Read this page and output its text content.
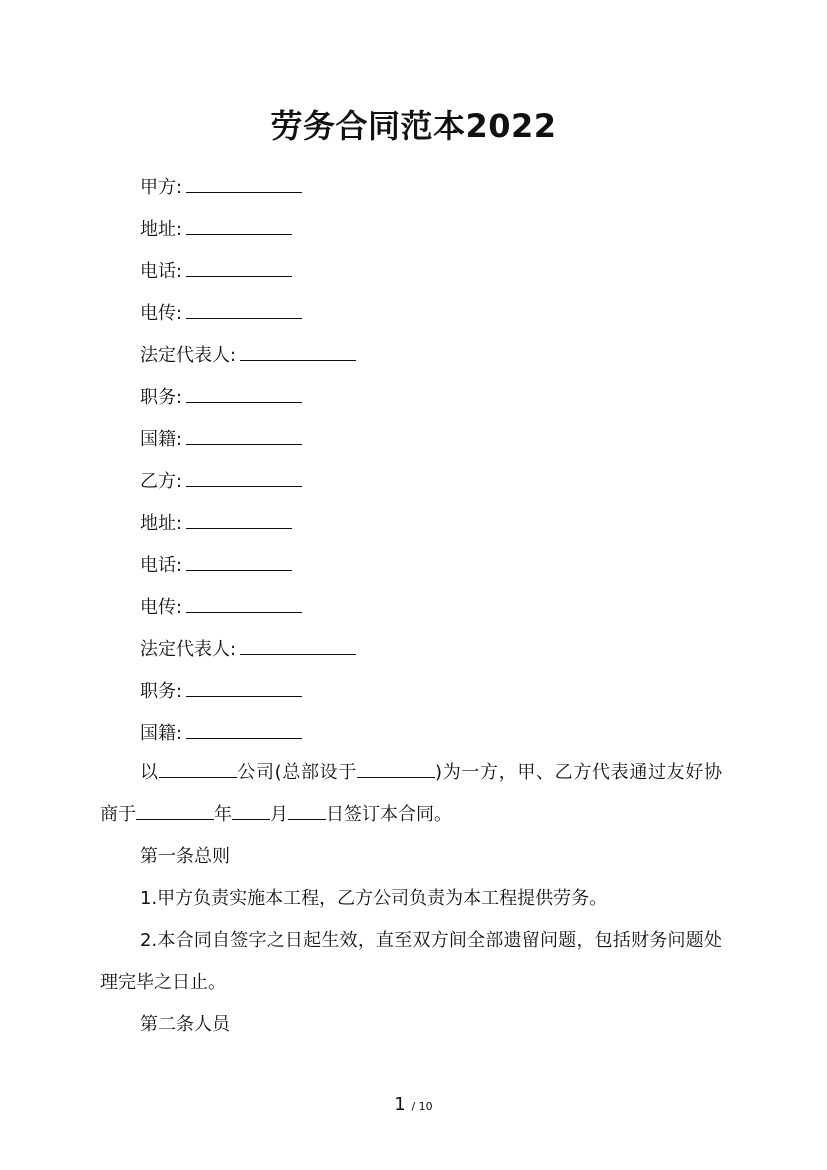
劳务合同范本2022
甲方:
地址:
电话:
电传:
法定代表人:
职务:
国籍:
乙方:
地址:
电话:
电传:
法定代表人:
职务:
国籍:

以	公司(总部设于	)为一方，甲、乙方代表通过友好协商于	年 月 日签订本合同。

第一条总则

1.甲方负责实施本工程，乙方公司负责为本工程提供劳务。

2.本合同自签字之日起生效，直至双方间全部遗留问题，包括财务问题处理完毕之日止。

第二条人员

1 / 10
